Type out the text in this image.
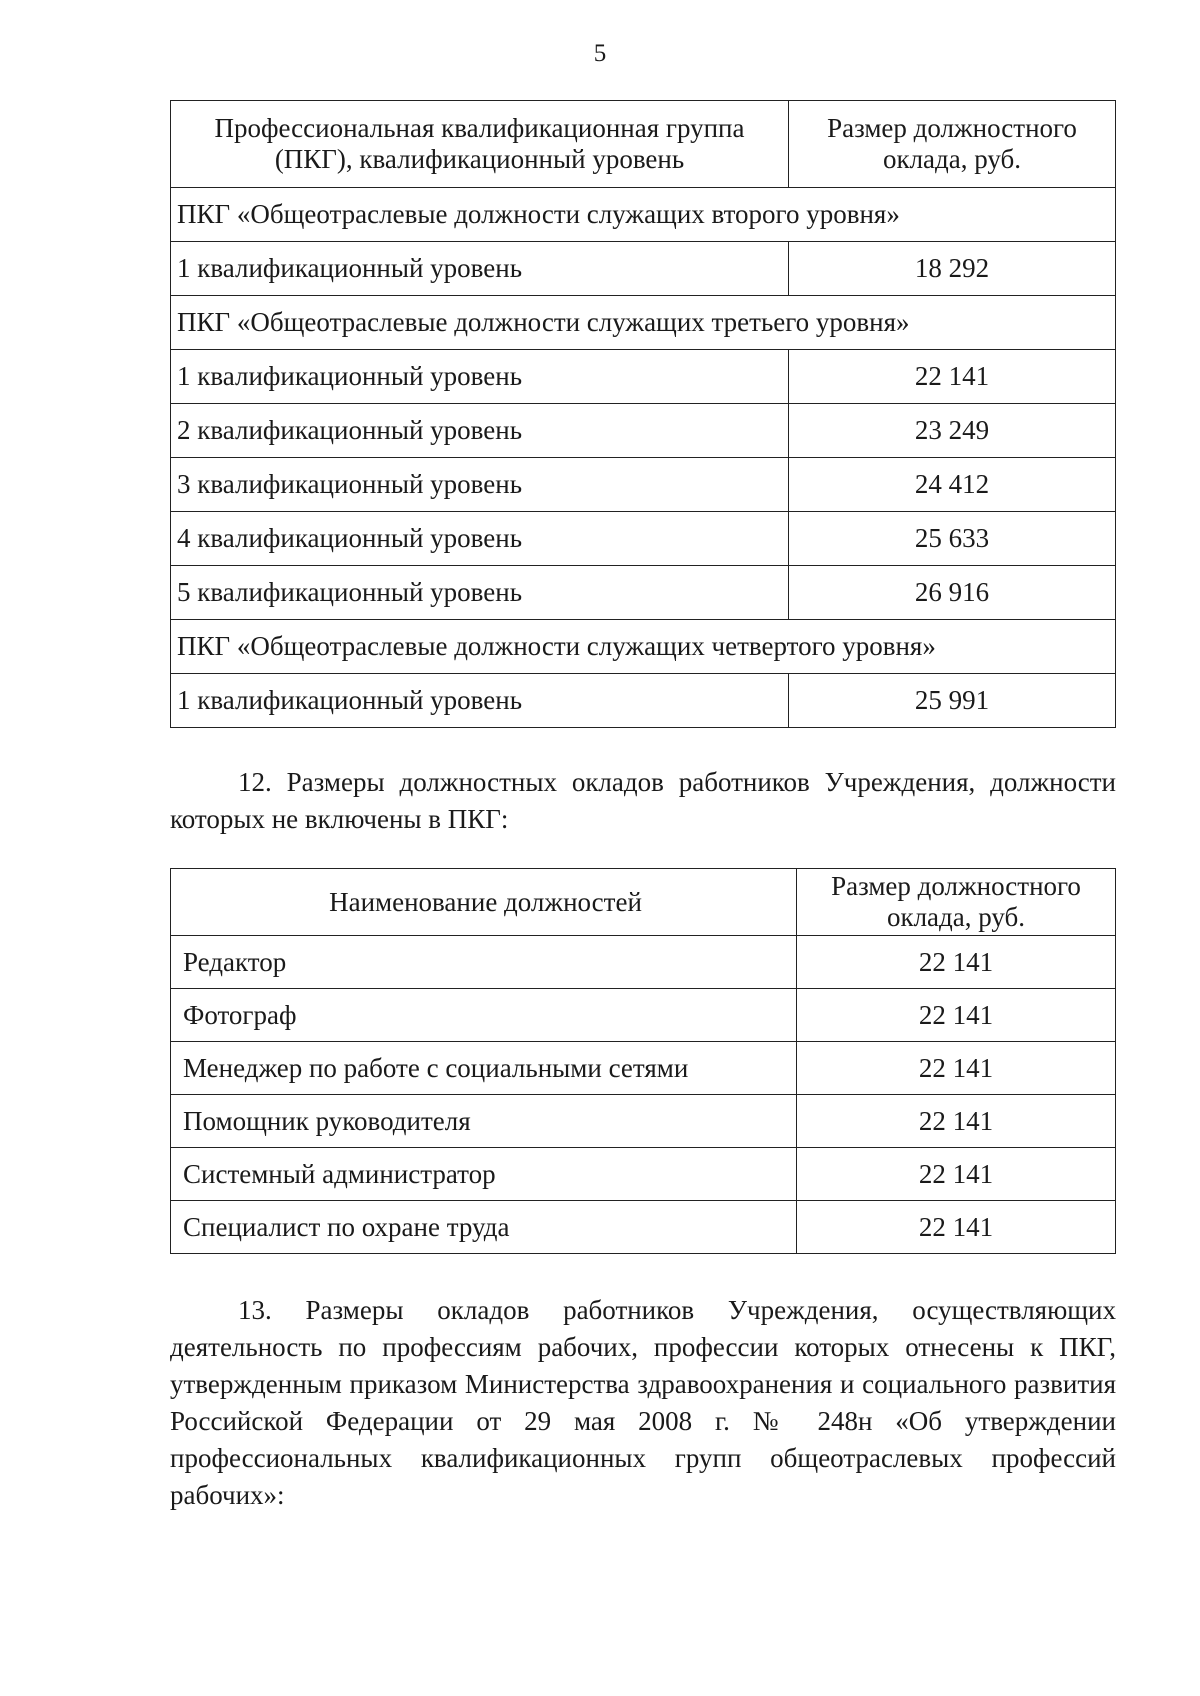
5
Профессиональная квалификационная группа (ПКГ), квалификационный уровень	Размер должностного оклада, руб.
ПКГ «Общеотраслевые должности служащих второго уровня»	
1 квалификационный уровень	18 292
ПКГ «Общеотраслевые должности служащих третьего уровня»	
1 квалификационный уровень	22 141
2 квалификационный уровень	23 249
3 квалификационный уровень	24 412
4 квалификационный уровень	25 633
5 квалификационный уровень	26 916
ПКГ «Общеотраслевые должности служащих четвертого уровня»	
1 квалификационный уровень	25 991
12. Размеры должностных окладов работников Учреждения, должности которых не включены в ПКГ:
Наименование должностей	Размер должностного оклада, руб.
Редактор	22 141
Фотограф	22 141
Менеджер по работе с социальными сетями	22 141
Помощник руководителя	22 141
Системный администратор	22 141
Специалист по охране труда	22 141
13. Размеры окладов работников Учреждения, осуществляющих деятельность по профессиям рабочих, профессии которых отнесены к ПКГ, утвержденным приказом Министерства здравоохранения и социального развития Российской Федерации от 29 мая 2008 г. № 248н «Об утверждении профессиональных квалификационных групп общеотраслевых профессий рабочих»:
